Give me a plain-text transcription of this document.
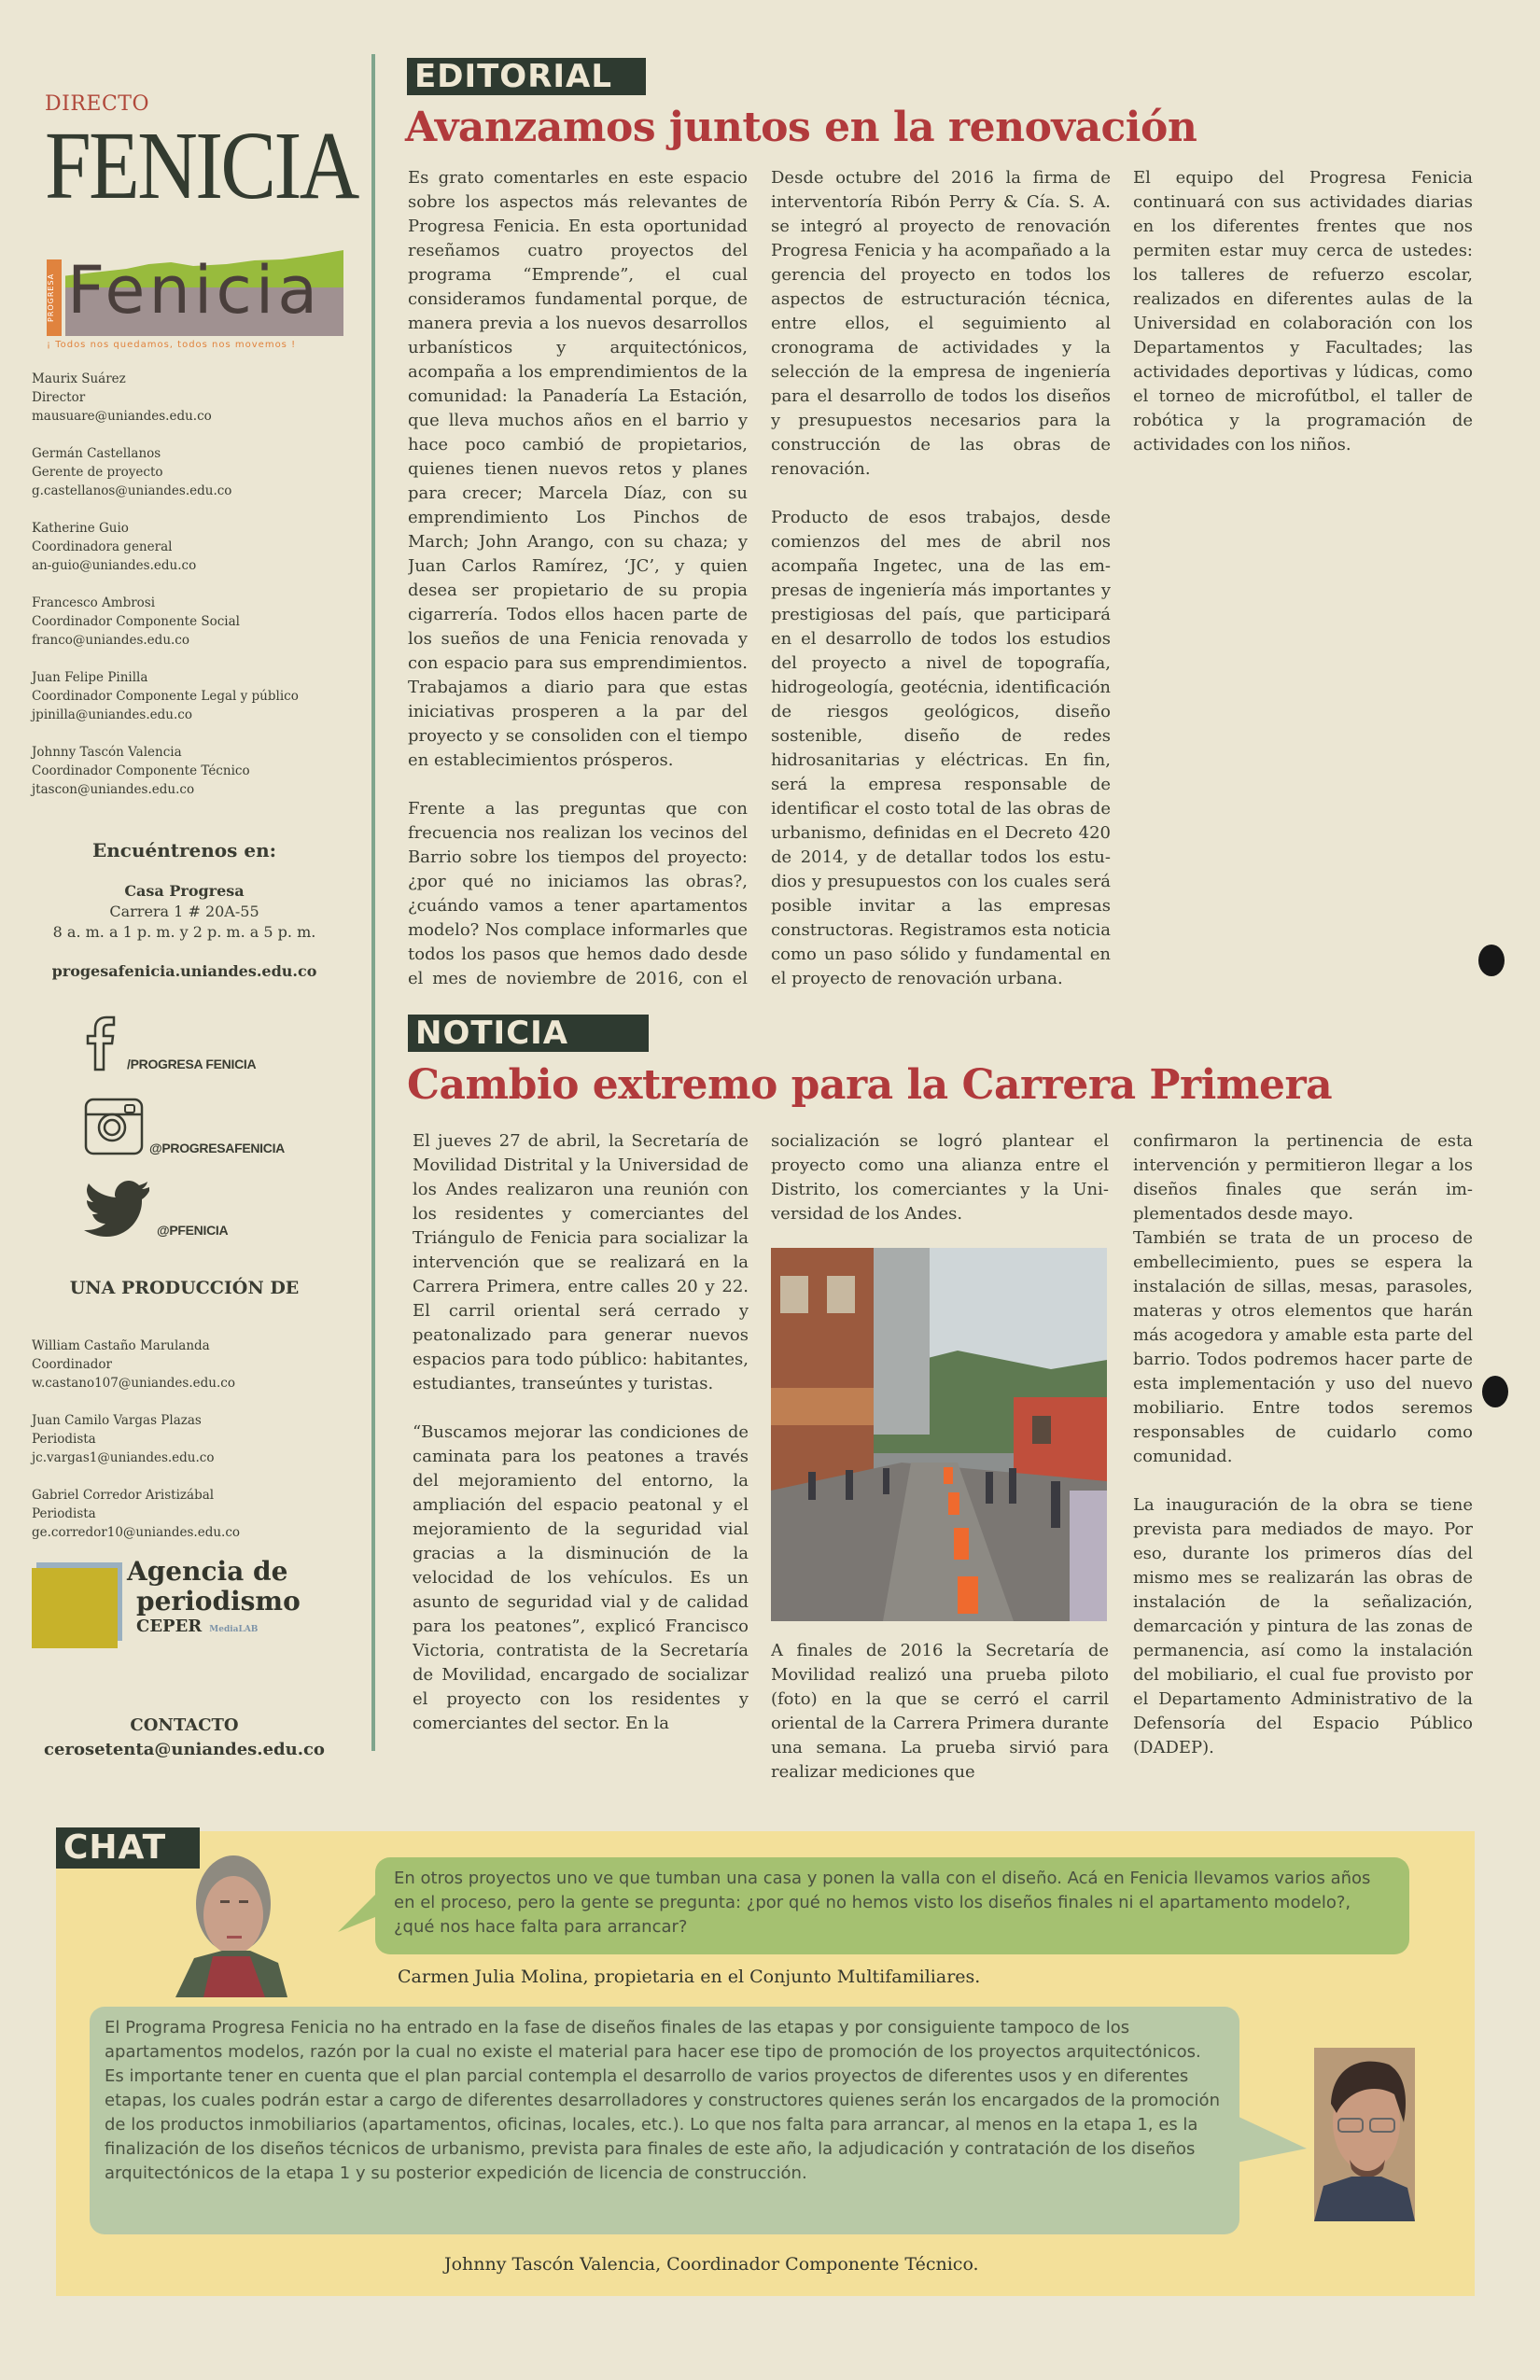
DIRECTO
FENICIA
PROGRESA Fenicia
¡ Todos nos quedamos, todos nos movemos !
Maurix Suárez
Director
mausuare@uniandes.edu.co
Germán Castellanos
Gerente de proyecto
g.castellanos@uniandes.edu.co
Katherine Guio
Coordinadora general
an-guio@uniandes.edu.co
Francesco Ambrosi
Coordinador Componente Social
franco@uniandes.edu.co
Juan Felipe Pinilla
Coordinador Componente Legal y público
jpinilla@uniandes.edu.co
Johnny Tascón Valencia
Coordinador Componente Técnico
jtascon@uniandes.edu.co
Encuéntrenos en:
Casa Progresa
Carrera 1 # 20A-55
8 a. m. a 1 p. m. y 2 p. m. a 5 p. m.
progesafenicia.uniandes.edu.co
/PROGRESA FENICIA
@PROGRESAFENICIA
@PFENICIA
UNA PRODUCCIÓN DE
William Castaño Marulanda
Coordinador
w.castano107@uniandes.edu.co
Juan Camilo Vargas Plazas
Periodista
jc.vargas1@uniandes.edu.co
Gabriel Corredor Aristizábal
Periodista
ge.corredor10@uniandes.edu.co
Agencia de
periodismo
CEPER MediaLAB
CONTACTO
cerosetenta@uniandes.edu.co
EDITORIAL
Avanzamos juntos en la renovación

Es grato comentarles en este espacio sobre los aspectos más relevantes de Progresa Fenicia. En esta oportunidad reseñamos cuatro proyectos del programa “Emprende”, el cual consideramos fundamental porque, de manera previa a los nuevos desarrollos urbanísticos y arquitectónicos, acompaña a los emprendimientos de la comunidad: la Panadería La Estación, que lleva muchos años en el barrio y hace poco cambió de propietarios, quienes tienen nuevos retos y planes para crecer; Marcela Díaz, con su emprendimiento Los Pinchos de March; John Arango, con su chaza; y Juan Carlos Ramírez, ‘JC’, y quien desea ser propietario de su propia cigarrería. Todos ellos hacen parte de los sueños de una Fenicia renovada y con espacio para sus emprendimientos. Trabajamos a diario para que estas iniciativas prosperen a la par del proyecto y se consoliden con el tiempo en establecimientos prósperos.

Frente a las preguntas que con frecuencia nos realizan los vecinos del Barrio sobre los tiempos del proyecto: ¿por qué no iniciamos las obras?, ¿cuándo vamos a tener apartamentos modelo? Nos complace informarles que todos los pasos que hemos dado desde el mes de noviembre de 2016, con el

Desde octubre del 2016 la firma de interventoría Ribón Perry & Cía. S. A. se integró al proyecto de renovación Progresa Fenicia y ha acompañado a la gerencia del proyecto en todos los aspectos de estructuración técnica, entre ellos, el seguimiento al cronograma de actividades y la selección de la empresa de ingeniería para el desarrollo de todos los diseños y presupuestos necesarios para la construcción de las obras de renovación.

Producto de esos trabajos, desde comienzos del mes de abril nos acompaña Ingetec, una de las empresas de ingeniería más importantes y prestigiosas del país, que participará en el desarrollo de todos los estudios del proyecto a nivel de topografía, hidrogeología, geotécnia, identificación de riesgos geológicos, diseño sostenible, diseño de redes hidrosanitarias y eléctricas. En fin, será la empresa responsable de identificar el costo total de las obras de urbanismo, definidas en el Decreto 420 de 2014, y de detallar todos los estudios y presupuestos con los cuales será posible invitar a las empresas constructoras. Registramos esta noticia como un paso sólido y fundamental en el proyecto de renovación urbana.

El equipo del Progresa Fenicia continuará con sus actividades diarias en los diferentes frentes que nos permiten estar muy cerca de ustedes: los talleres de refuerzo escolar, realizados en diferentes aulas de la Universidad en colaboración con los Departamentos y Facultades; las actividades deportivas y lúdicas, como el torneo de microfútbol, el taller de robótica y la programación de actividades con los niños.

NOTICIA
Cambio extremo para la Carrera Primera

El jueves 27 de abril, la Secretaría de Movilidad Distrital y la Universidad de los Andes realizaron una reunión con los residentes y comerciantes del Triángulo de Fenicia para socializar la intervención que se realizará en la Carrera Primera, entre calles 20 y 22. El carril oriental será cerrado y peatonalizado para generar nuevos espacios para todo público: habitantes, estudiantes, transeúntes y turistas.

“Buscamos mejorar las condiciones de caminata para los peatones a través del mejoramiento del entorno, la ampliación del espacio peatonal y el mejoramiento de la seguridad vial gracias a la disminución de la velocidad de los vehículos. Es un asunto de seguridad vial y de calidad para los peatones”, explicó Francisco Victoria, contratista de la Secretaría de Movilidad, encargado de socializar el proyecto con los residentes y comerciantes del sector. En la

socialización se logró plantear el proyecto como una alianza entre el Distrito, los comerciantes y la Universidad de los Andes.

A finales de 2016 la Secretaría de Movilidad realizó una prueba piloto (foto) en la que se cerró el carril oriental de la Carrera Primera durante una semana. La prueba sirvió para realizar mediciones que

confirmaron la pertinencia de esta intervención y permitieron llegar a los diseños finales que serán implementados desde mayo.

También se trata de un proceso de embellecimiento, pues se espera la instalación de sillas, mesas, parasoles, materas y otros elementos que harán más acogedora y amable esta parte del barrio. Todos podremos hacer parte de esta implementación y uso del nuevo mobiliario. Entre todos seremos responsables de cuidarlo como comunidad.

La inauguración de la obra se tiene prevista para mediados de mayo. Por eso, durante los primeros días del mismo mes se realizarán las obras de instalación de la señalización, demarcación y pintura de las zonas de permanencia, así como la instalación del mobiliario, el cual fue provisto por el Departamento Administrativo de la Defensoría del Espacio Público (DADEP).

CHAT
En otros proyectos uno ve que tumban una casa y ponen la valla con el diseño. Acá en Fenicia llevamos varios años en el proceso, pero la gente se pregunta: ¿por qué no hemos visto los diseños finales ni el apartamento modelo?, ¿qué nos hace falta para arrancar?
Carmen Julia Molina, propietaria en el Conjunto Multifamiliares.
El Programa Progresa Fenicia no ha entrado en la fase de diseños finales de las etapas y por consiguiente tampoco de los apartamentos modelos, razón por la cual no existe el material para hacer ese tipo de promoción de los proyectos arquitectónicos. Es importante tener en cuenta que el plan parcial contempla el desarrollo de varios proyectos de diferentes usos y en diferentes etapas, los cuales podrán estar a cargo de diferentes desarrolladores y constructores quienes serán los encargados de la promoción de los productos inmobiliarios (apartamentos, oficinas, locales, etc.). Lo que nos falta para arrancar, al menos en la etapa 1, es la finalización de los diseños técnicos de urbanismo, prevista para finales de este año, la adjudicación y contratación de los diseños arquitectónicos de la etapa 1 y su posterior expedición de licencia de construcción.
Johnny Tascón Valencia, Coordinador Componente Técnico.
